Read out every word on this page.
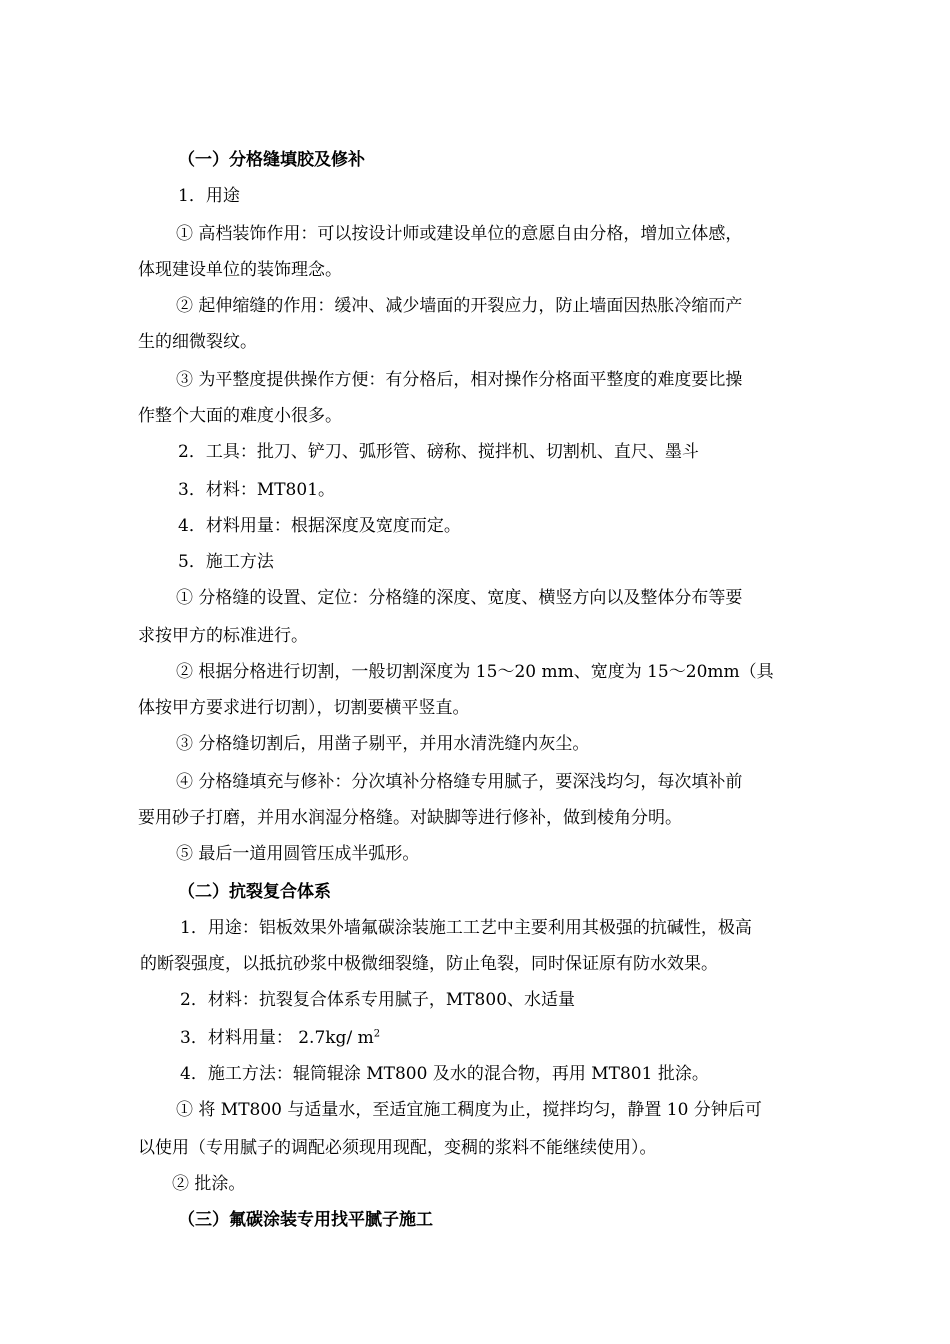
（一）分格缝填胶及修补
1．用途
① 高档装饰作用：可以按设计师或建设单位的意愿自由分格，增加立体感，
体现建设单位的装饰理念。
② 起伸缩缝的作用：缓冲、减少墙面的开裂应力，防止墙面因热胀冷缩而产
生的细微裂纹。
③ 为平整度提供操作方便：有分格后，相对操作分格面平整度的难度要比操
作整个大面的难度小很多。
2．工具：批刀、铲刀、弧形管、磅称、搅拌机、切割机、直尺、墨斗
3．材料：MT801。
4．材料用量：根据深度及宽度而定。
5．施工方法
① 分格缝的设置、定位：分格缝的深度、宽度、横竖方向以及整体分布等要
求按甲方的标准进行。
② 根据分格进行切割，一般切割深度为 15～20 mm、宽度为 15～20mm（具
体按甲方要求进行切割），切割要横平竖直。
③ 分格缝切割后，用凿子剔平，并用水清洗缝内灰尘。
④ 分格缝填充与修补：分次填补分格缝专用腻子，要深浅均匀，每次填补前
要用砂子打磨，并用水润湿分格缝。对缺脚等进行修补，做到棱角分明。
⑤ 最后一道用圆管压成半弧形。
（二）抗裂复合体系
1．用途：铝板效果外墙氟碳涂装施工工艺中主要利用其极强的抗碱性，极高
的断裂强度，以抵抗砂浆中极微细裂缝，防止龟裂，同时保证原有防水效果。
2．材料：抗裂复合体系专用腻子，MT800、水适量
3．材料用量： 2.7kg/ $m^2$
4．施工方法：辊筒辊涂 MT800 及水的混合物，再用 MT801 批涂。
① 将 MT800 与适量水，至适宜施工稠度为止，搅拌均匀，静置 10 分钟后可
以使用（专用腻子的调配必须现用现配，变稠的浆料不能继续使用）。
② 批涂。
（三）氟碳涂装专用找平腻子施工
